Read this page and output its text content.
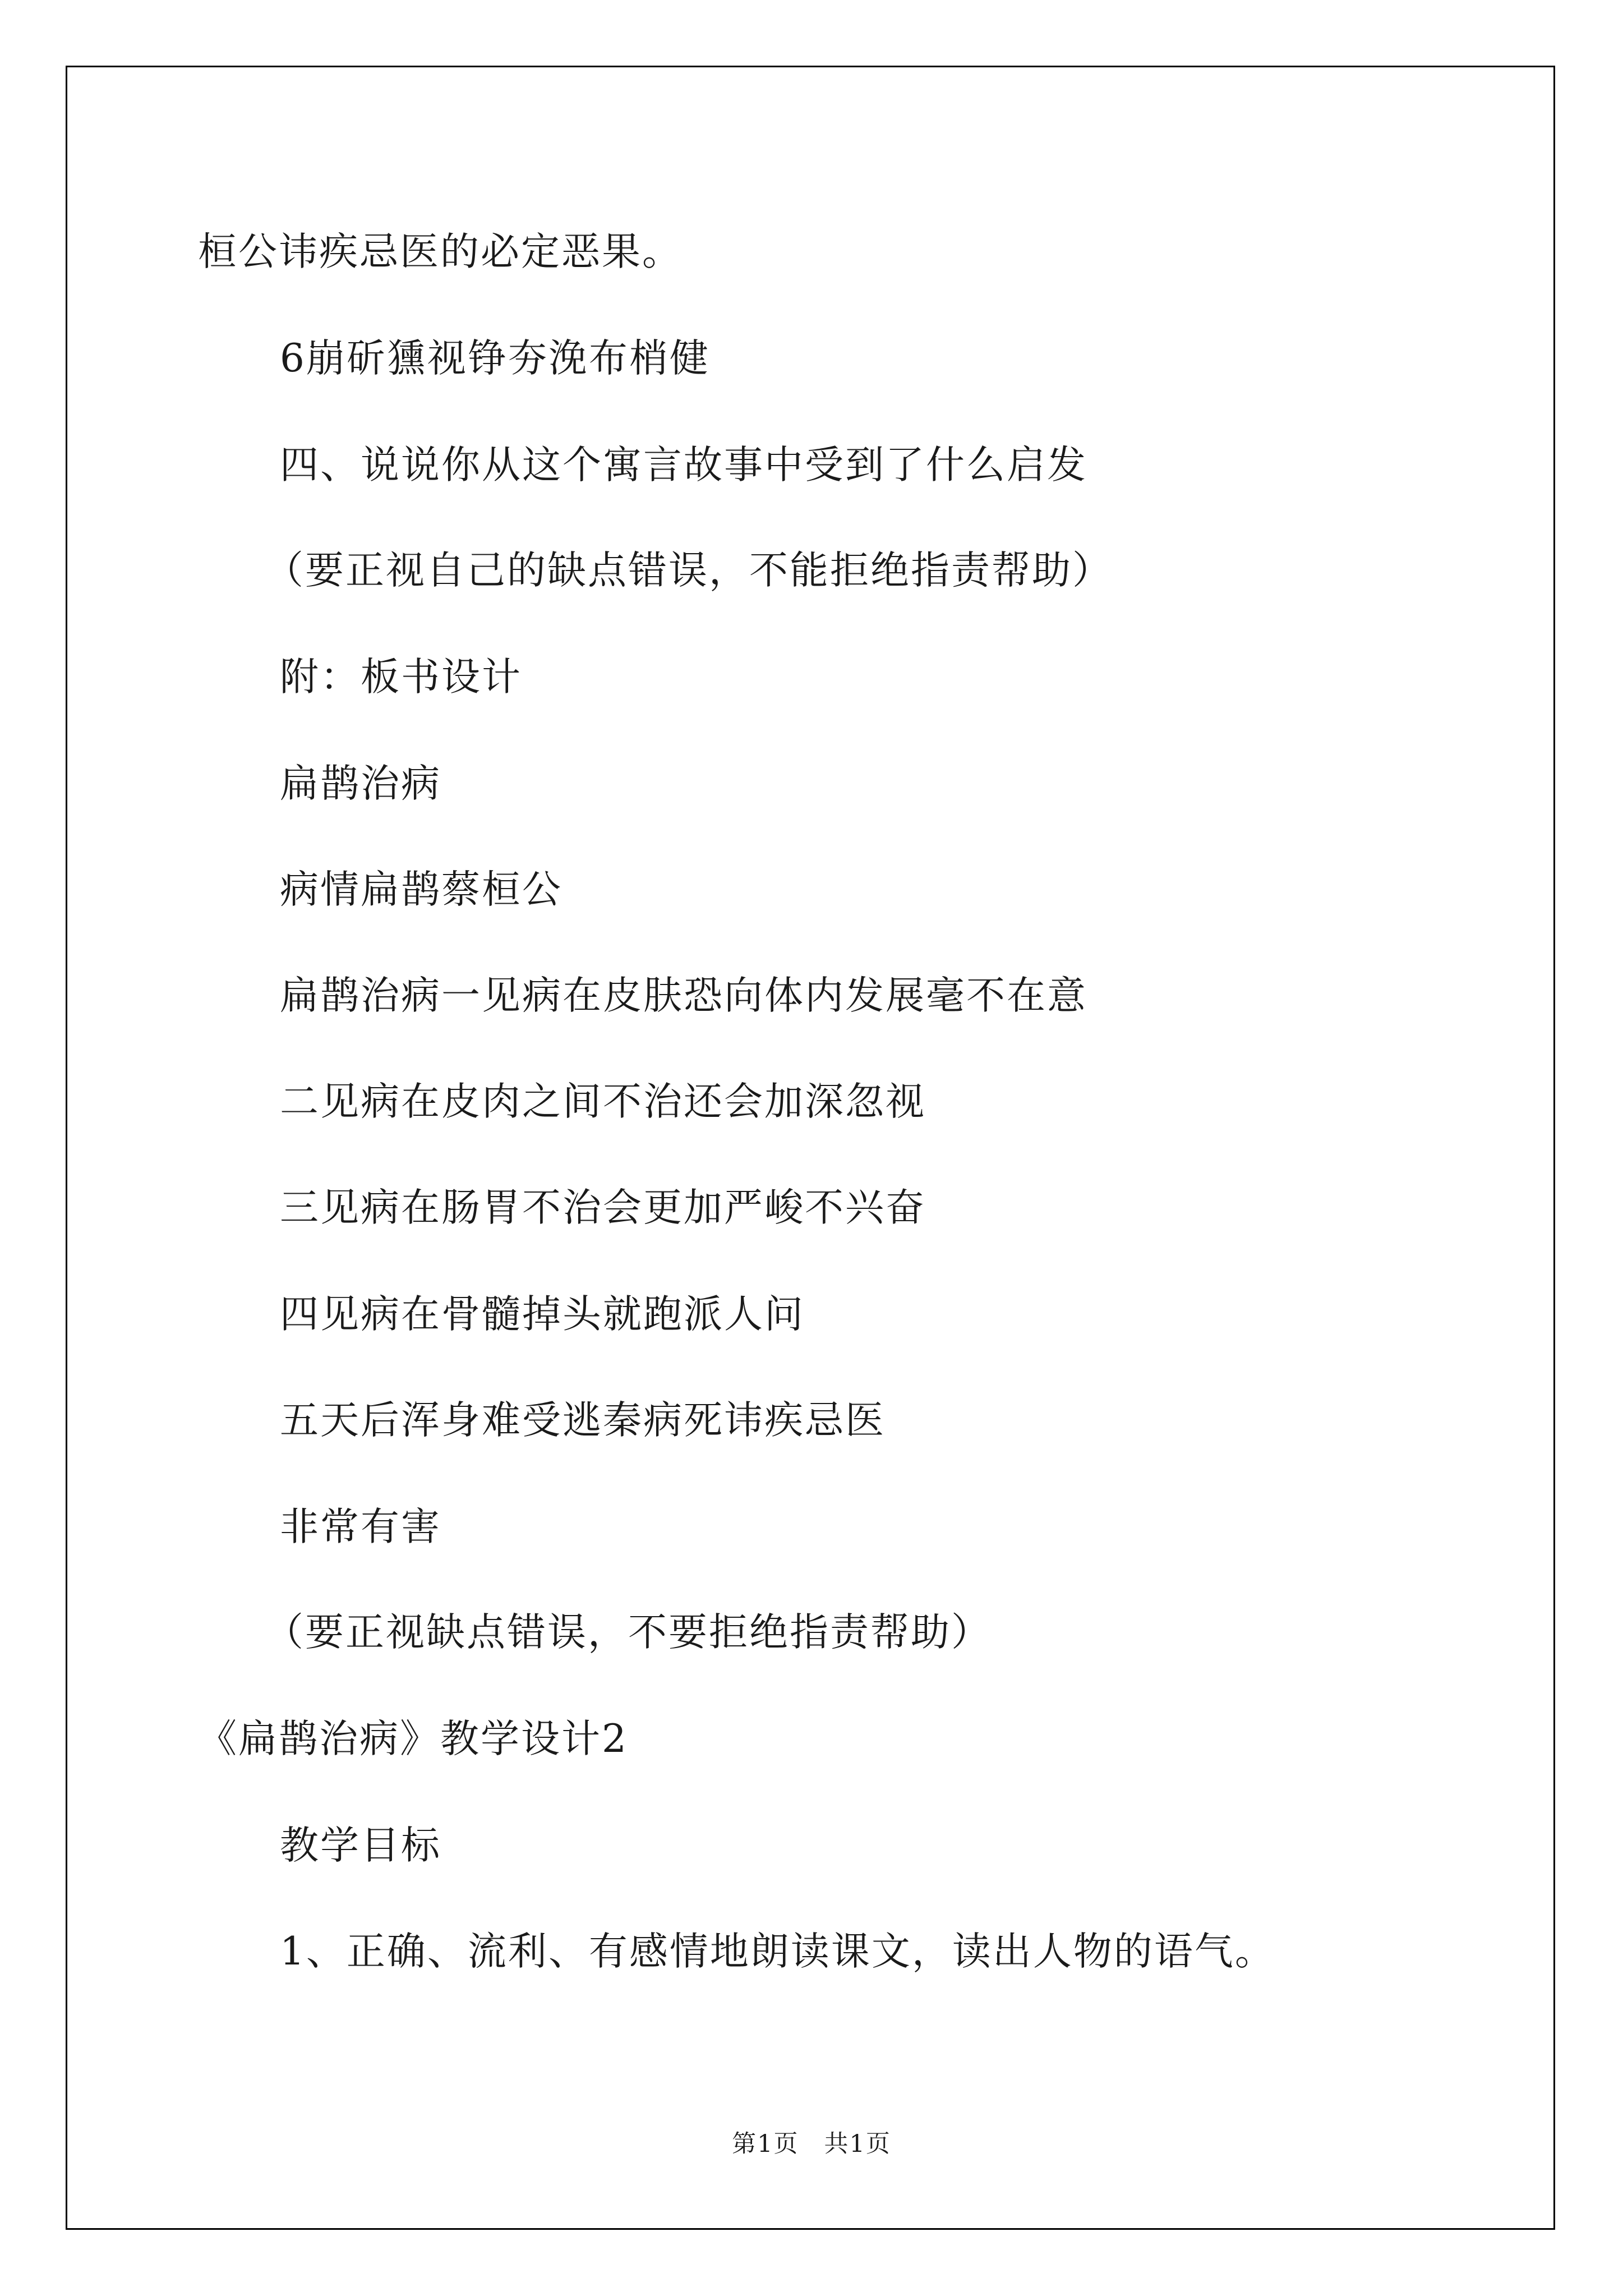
桓公讳疾忌医的必定恶果。
6崩斫獯视铮夯浼布梢健
四、说说你从这个寓言故事中受到了什么启发
（要正视自己的缺点错误，不能拒绝指责帮助）
附：板书设计
扁鹊治病
病情扁鹊蔡桓公
扁鹊治病一见病在皮肤恐向体内发展毫不在意
二见病在皮肉之间不治还会加深忽视
三见病在肠胃不治会更加严峻不兴奋
四见病在骨髓掉头就跑派人问
五天后浑身难受逃秦病死讳疾忌医
非常有害
（要正视缺点错误，不要拒绝指责帮助）
《扁鹊治病》教学设计2
教学目标
1、正确、流利、有感情地朗读课文，读出人物的语气。
第1页　共1页
